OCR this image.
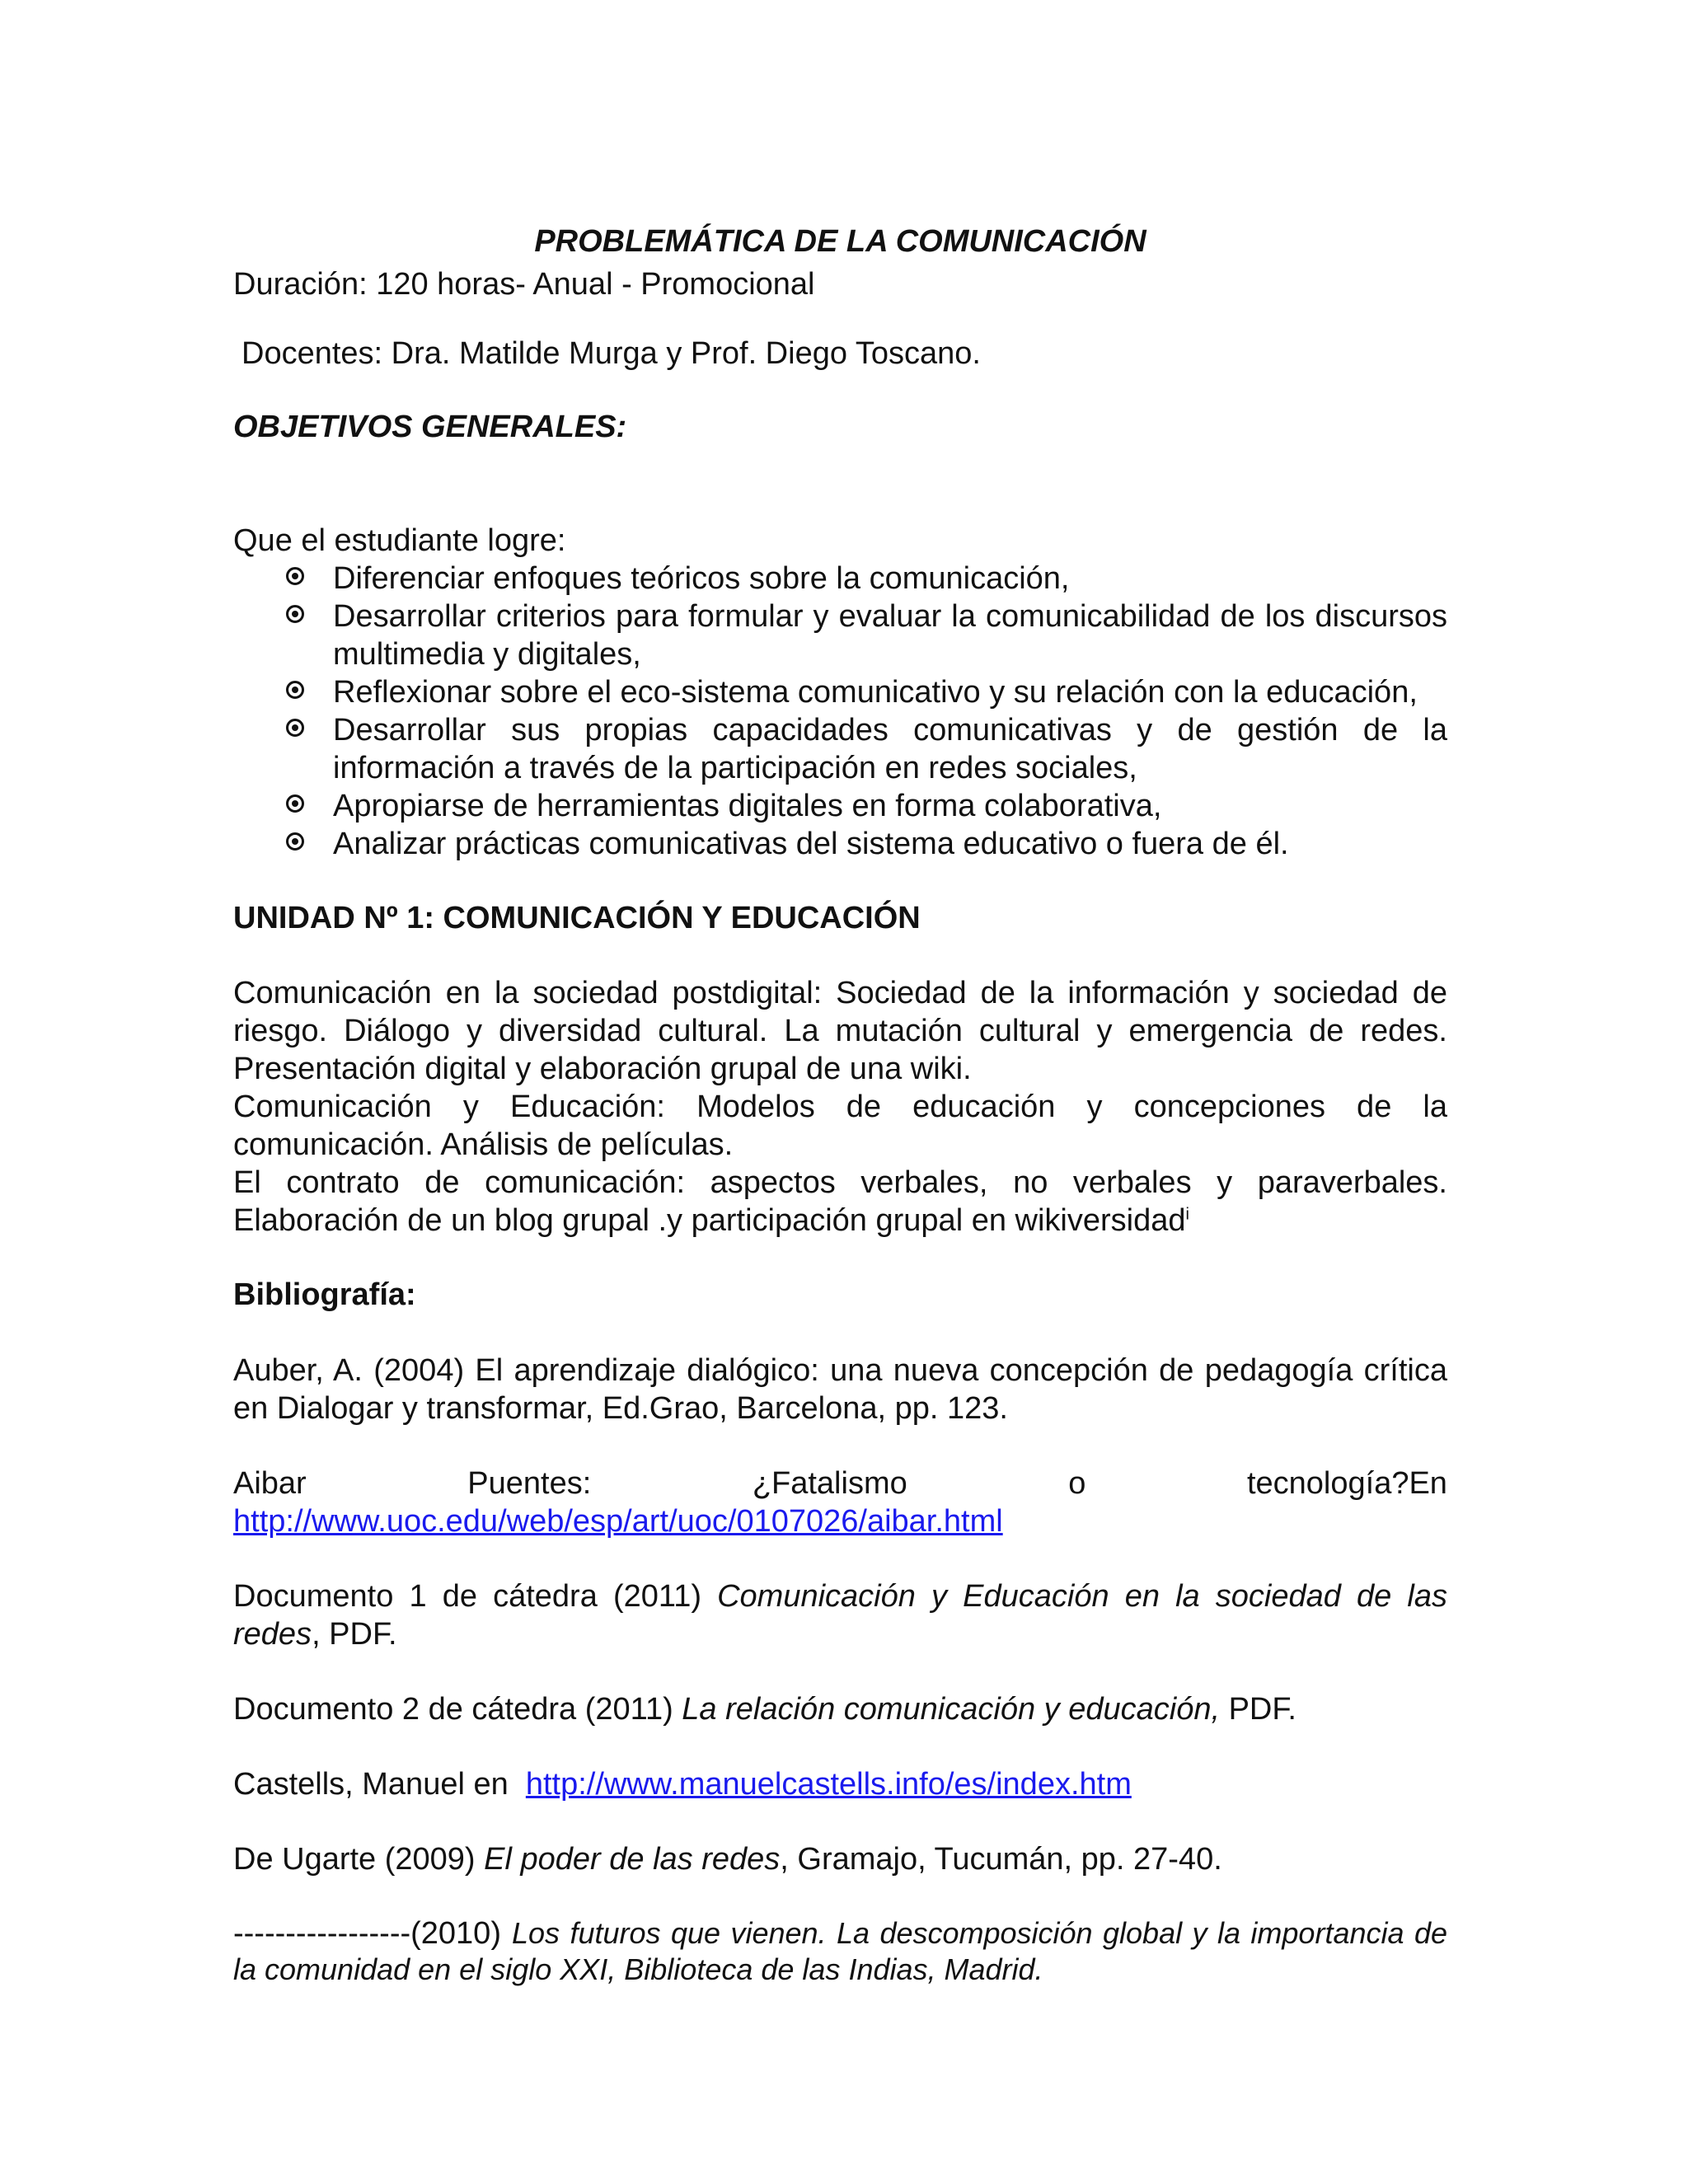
PROBLEMÁTICA DE LA COMUNICACIÓN
Duración: 120 horas- Anual - Promocional
Docentes: Dra. Matilde Murga y Prof. Diego Toscano.
OBJETIVOS GENERALES:
Que el estudiante logre:
Diferenciar enfoques teóricos sobre la comunicación,
Desarrollar criterios para formular y evaluar la comunicabilidad de los discursos multimedia y digitales,
Reflexionar sobre el eco-sistema comunicativo y su relación con la educación,
Desarrollar sus propias capacidades comunicativas y de gestión de la información a través de la participación en redes sociales,
Apropiarse de herramientas digitales en forma colaborativa,
Analizar prácticas comunicativas del sistema educativo o fuera de él.
UNIDAD Nº 1: COMUNICACIÓN Y EDUCACIÓN

Comunicación en la sociedad postdigital: Sociedad de la información y sociedad de riesgo. Diálogo y diversidad cultural. La mutación cultural y emergencia de redes. Presentación digital y elaboración grupal de una wiki.

Comunicación y Educación: Modelos de educación y concepciones de la comunicación. Análisis de películas.

El contrato de comunicación: aspectos verbales, no verbales y paraverbales. Elaboración de un blog grupal .y participación grupal en wikiversidad$^i$

Bibliografía:
Auber, A. (2004) El aprendizaje dialógico: una nueva concepción de pedagogía crítica en Dialogar y transformar, Ed.Grao, Barcelona, pp. 123.
Aibar	Puentes:	¿Fatalismo	o	tecnología?En
http://www.uoc.edu/web/esp/art/uoc/0107026/aibar.html
Documento 1 de cátedra (2011) Comunicación y Educación en la sociedad de las redes, PDF.
Documento 2 de cátedra (2011) La relación comunicación y educación, PDF.
Castells, Manuel en  http://www.manuelcastells.info/es/index.htm
De Ugarte (2009) El poder de las redes, Gramajo, Tucumán, pp. 27-40.
-----------------(2010) Los futuros que vienen. La descomposición global y la importancia de la comunidad en el siglo XXI, Biblioteca de las Indias, Madrid.
